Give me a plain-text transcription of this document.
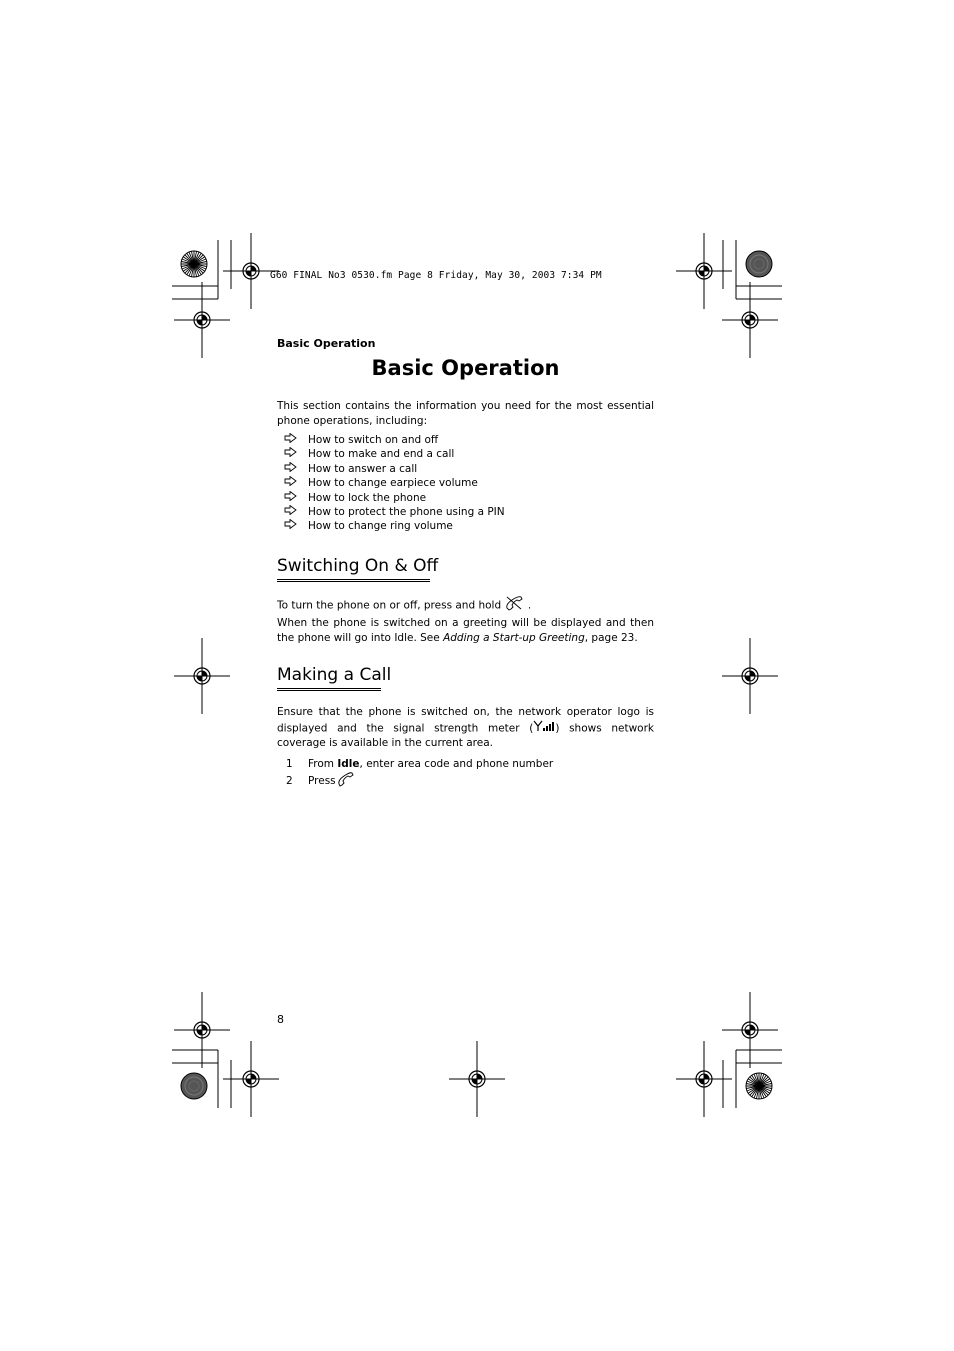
G60 FINAL No3 0530.fm Page 8 Friday, May 30, 2003 7:34 PM
Basic Operation
Basic Operation
This section contains the information you need for the most essential phone operations, including:
How to switch on and off
How to make and end a call
How to answer a call
How to change earpiece volume
How to lock the phone
How to protect the phone using a PIN
How to change ring volume
Switching On & Off
To turn the phone on or off, press and hold	.
When the phone is switched on a greeting will be displayed and then the phone will go into Idle. See Adding a Start-up Greeting, page 23.
Making a Call
Ensure that the phone is switched on, the network operator logo is displayed and the signal strength meter ( ) shows network coverage is available in the current area.
1	From Idle, enter area code and phone number
2	Press
8
